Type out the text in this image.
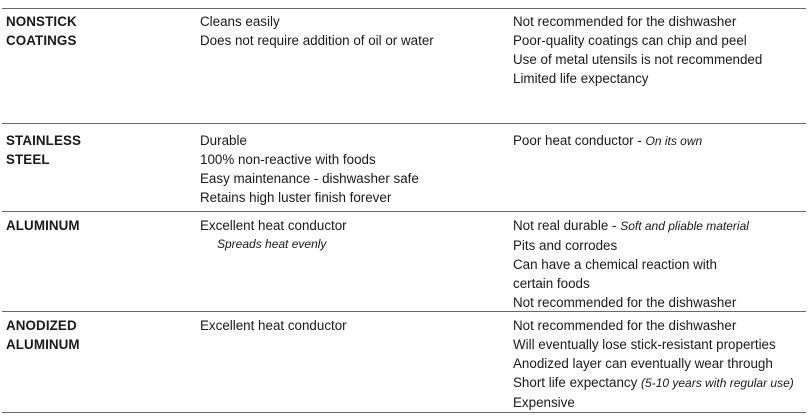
NONSTICK
COATINGS
Cleans easily
Does not require addition of oil or water
Not recommended for the dishwasher
Poor-quality coatings can chip and peel
Use of metal utensils is not recommended
Limited life expectancy
STAINLESS
STEEL
Durable
100% non-reactive with foods
Easy maintenance - dishwasher safe
Retains high luster finish forever
Poor heat conductor - On its own
ALUMINUM	Excellent heat conductor
Spreads heat evenly
Not real durable - Soft and pliable material
Pits and corrodes
Can have a chemical reaction with
certain foods
Not recommended for the dishwasher
ANODIZED
ALUMINUM
Excellent heat conductor	Not recommended for the dishwasher
Will eventually lose stick-resistant properties
Anodized layer can eventually wear through
Short life expectancy (5-10 years with regular use)
Expensive
